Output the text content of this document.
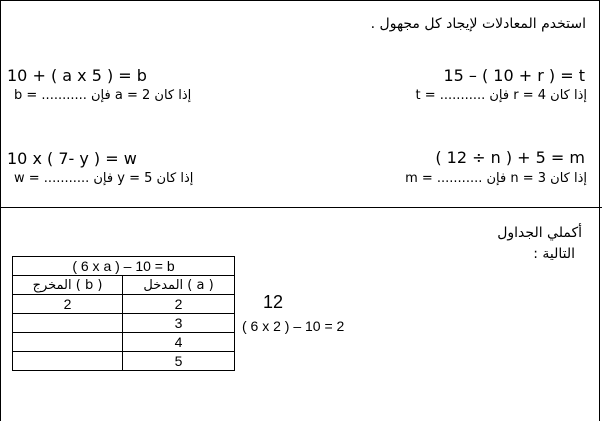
استخدم المعادلات لإيجاد كل مجهول .
10 + ( a x 5 ) = b
إذا كان a = 2 فإن ........... = b
15 – ( 10 + r ) = t
إذا كان r = 4 فإن ........... = t
10 x ( 7- y ) = w
إذا كان y = 5 فإن ........... = w
( 12 ÷ n ) + 5 = m
إذا كان n = 3 فإن ........... = m
أكملي الجداول
التالية :
( 6 x a ) – 10 = b	
المخرج ( b )	المدخل ( a )
2	2
	3
	4
	5
12
( 6 x 2 ) – 10 = 2
